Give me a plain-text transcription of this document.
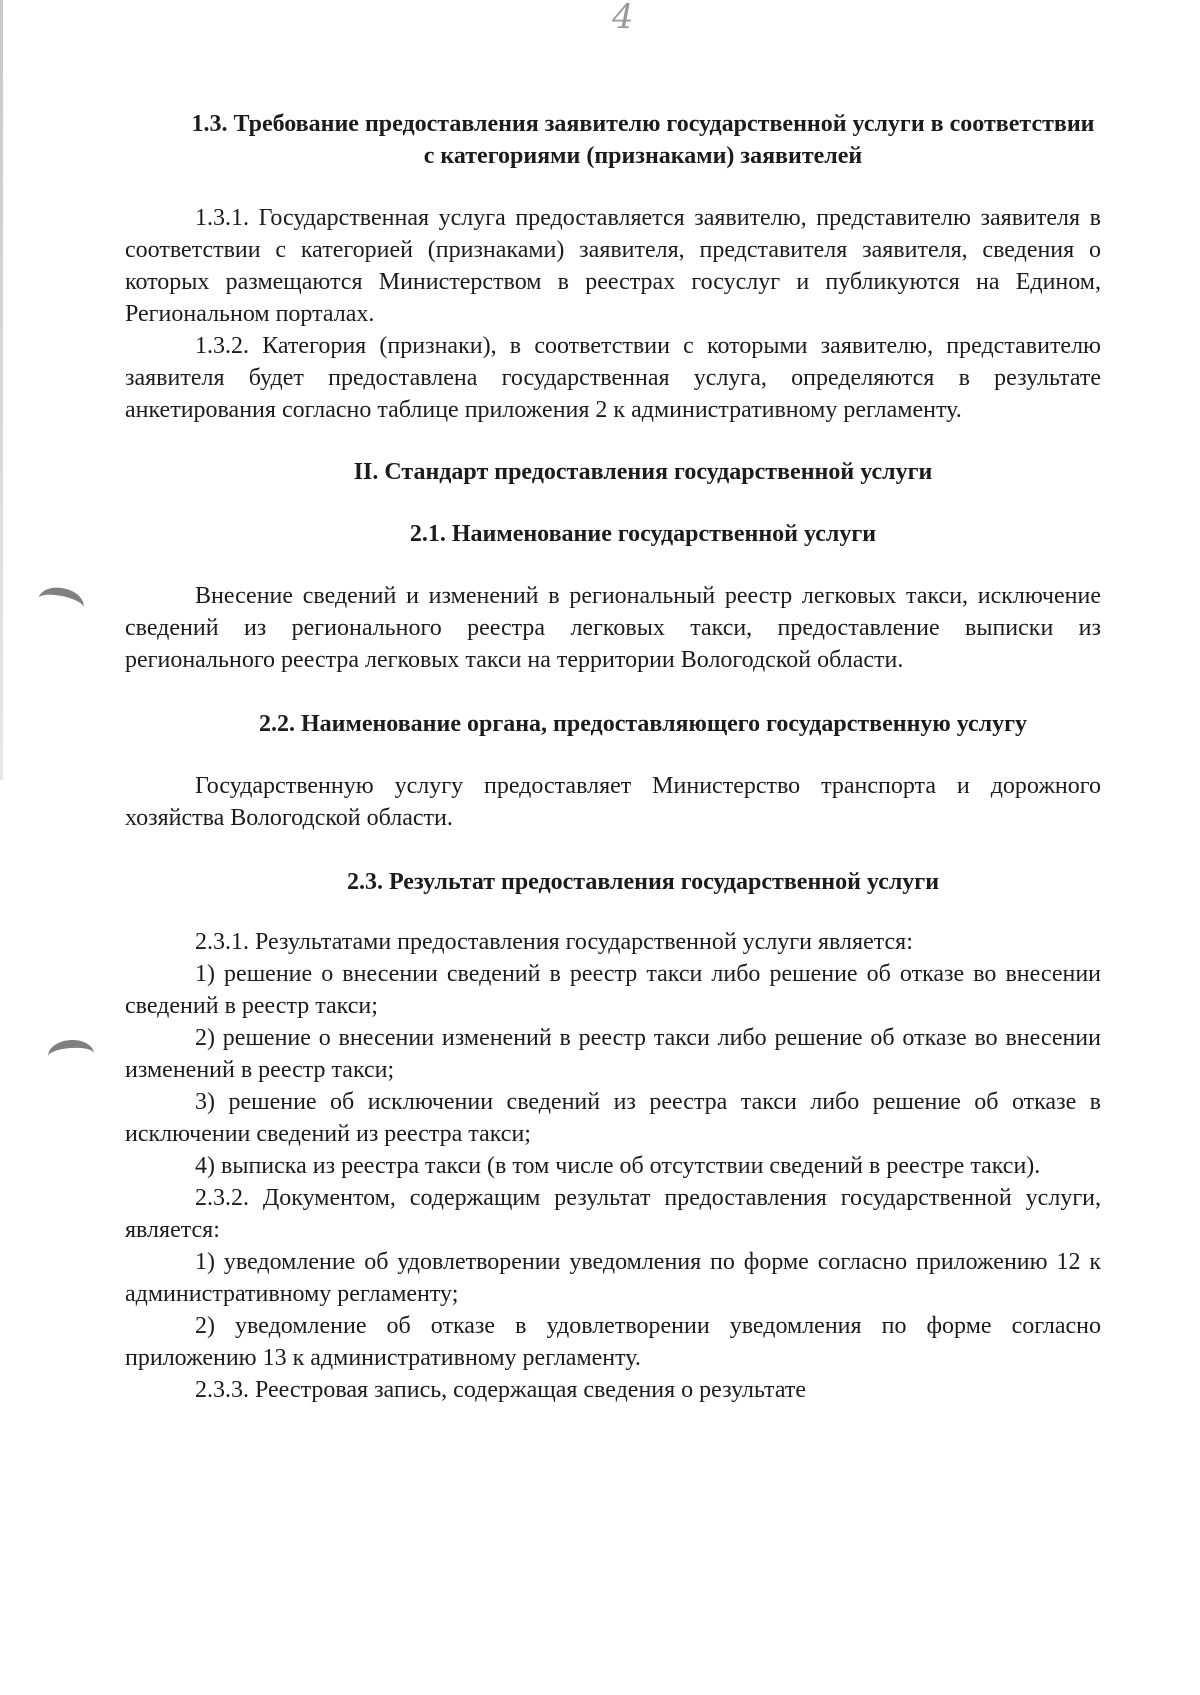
4
1.3. Требование предоставления заявителю государственной услуги в соответствии с категориями (признаками) заявителей

1.3.1. Государственная услуга предоставляется заявителю, представителю заявителя в соответствии с категорией (признаками) заявителя, представителя заявителя, сведения о которых размещаются Министерством в реестрах госуслуг и публикуются на Едином, Региональном порталах.

1.3.2. Категория (признаки), в соответствии с которыми заявителю, представителю заявителя будет предоставлена государственная услуга, определяются в результате анкетирования согласно таблице приложения 2 к административному регламенту.

II. Стандарт предоставления государственной услуги
2.1. Наименование государственной услуги

Внесение сведений и изменений в региональный реестр легковых такси, исключение сведений из регионального реестра легковых такси, предоставление выписки из регионального реестра легковых такси на территории Вологодской области.

2.2. Наименование органа, предоставляющего государственную услугу

Государственную услугу предоставляет Министерство транспорта и дорожного хозяйства Вологодской области.

2.3. Результат предоставления государственной услуги

2.3.1. Результатами предоставления государственной услуги является:

1) решение о внесении сведений в реестр такси либо решение об отказе во внесении сведений в реестр такси;

2) решение о внесении изменений в реестр такси либо решение об отказе во внесении изменений в реестр такси;

3) решение об исключении сведений из реестра такси либо решение об отказе в исключении сведений из реестра такси;

4) выписка из реестра такси (в том числе об отсутствии сведений в реестре такси).

2.3.2. Документом, содержащим результат предоставления государственной услуги, является:

1) уведомление об удовлетворении уведомления по форме согласно приложению 12 к административному регламенту;

2) уведомление об отказе в удовлетворении уведомления по форме согласно приложению 13 к административному регламенту.

2.3.3. Реестровая запись, содержащая сведения о результате
